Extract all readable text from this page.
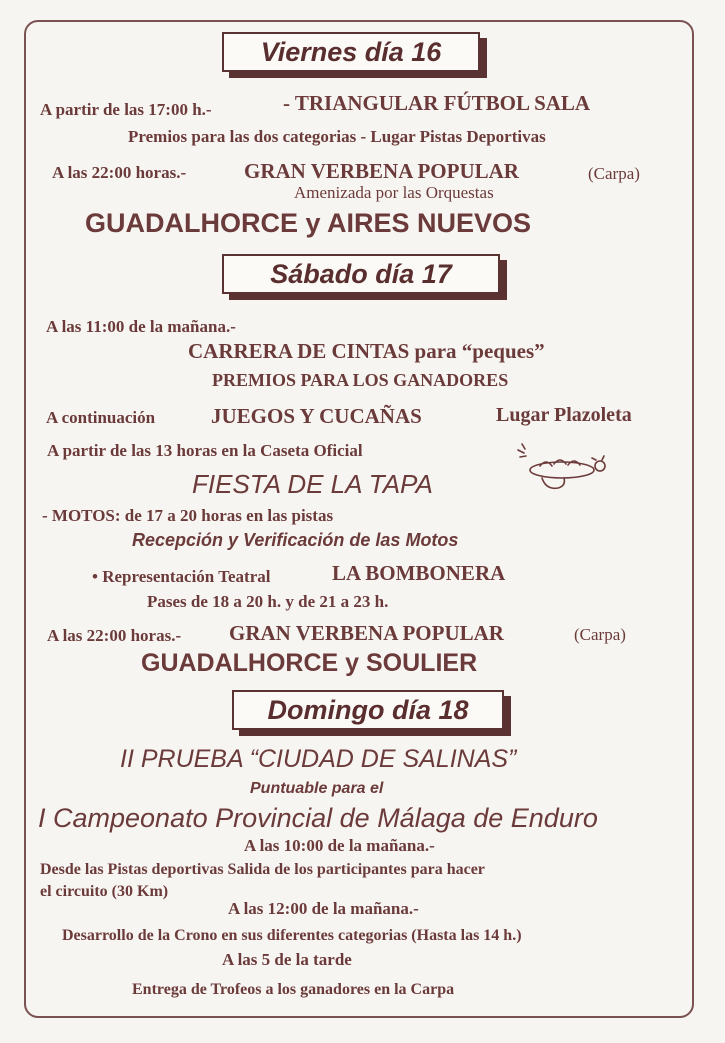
Viernes día 16
A partir de las 17:00 h.-	- TRIANGULAR FÚTBOL SALA
Premios para las dos categorias - Lugar Pistas Deportivas
A las 22:00 horas.-	GRAN VERBENA POPULAR	(Carpa)
Amenizada por las Orquestas
GUADALHORCE y AIRES NUEVOS
Sábado día 17
A las 11:00 de la mañana.-
CARRERA DE CINTAS para “peques”
PREMIOS PARA LOS GANADORES
A continuación	JUEGOS Y CUCAÑAS	Lugar Plazoleta
A partir de las 13 horas en la Caseta Oficial
FIESTA DE LA TAPA
- MOTOS: de 17 a 20 horas en las pistas
Recepción y Verificación de las Motos
• Representación Teatral	LA BOMBONERA
Pases de 18 a 20 h. y de 21 a 23 h.
A las 22:00 horas.- GRAN VERBENA POPULAR	(Carpa)
GUADALHORCE y SOULIER
Domingo día 18
II PRUEBA “CIUDAD DE SALINAS”
Puntuable para el
I Campeonato Provincial de Málaga de Enduro
A las 10:00 de la mañana.-
Desde las Pistas deportivas Salida de los participantes para hacer
el circuito (30 Km)
A las 12:00 de la mañana.-
Desarrollo de la Crono en sus diferentes categorias (Hasta las 14 h.)
A las 5 de la tarde
Entrega de Trofeos a los ganadores en la Carpa
